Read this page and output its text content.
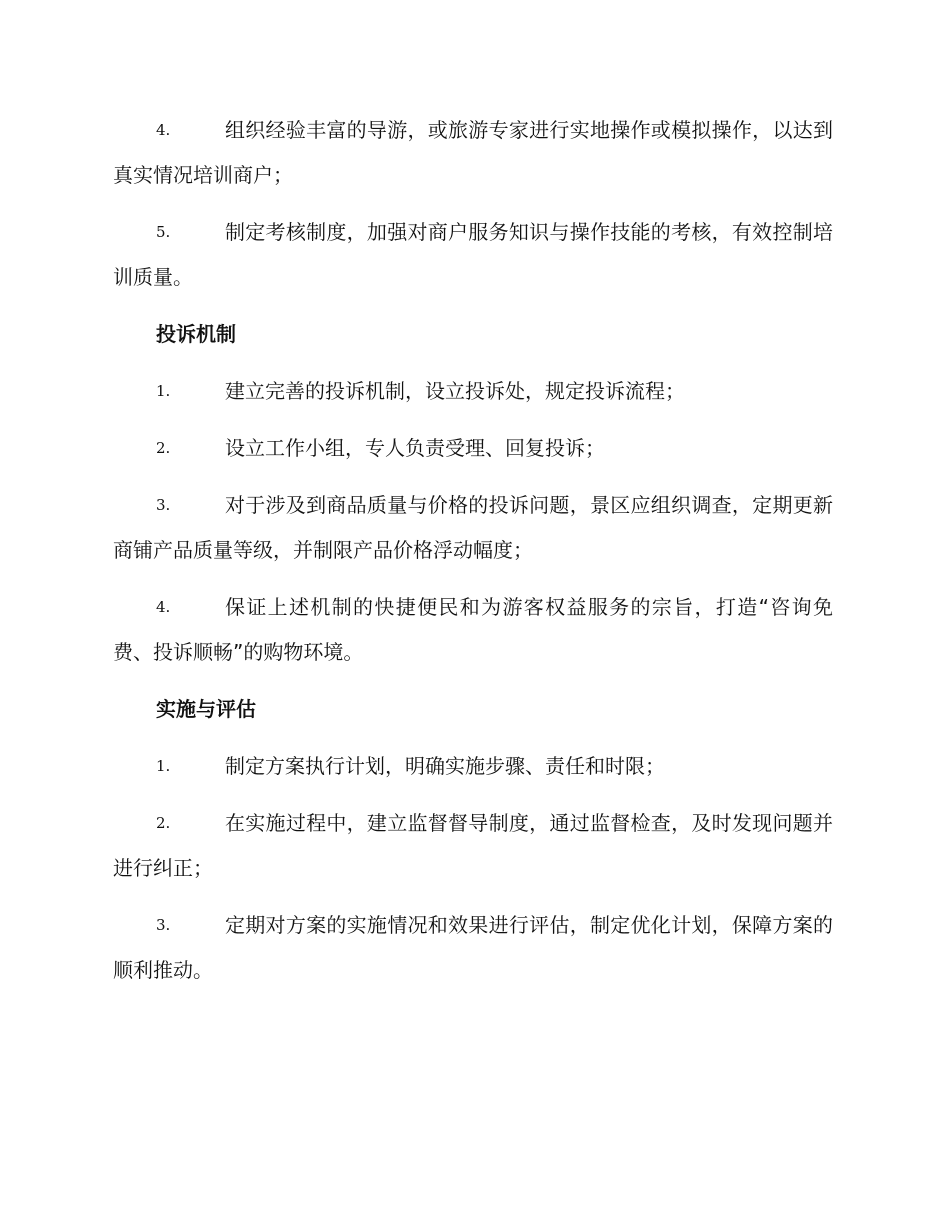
4.	组织经验丰富的导游，或旅游专家进行实地操作或模拟操作，以达到真实情况培训商户；
5.	制定考核制度，加强对商户服务知识与操作技能的考核，有效控制培训质量。
投诉机制
1.	建立完善的投诉机制，设立投诉处，规定投诉流程；
2.	设立工作小组，专人负责受理、回复投诉；
3.	对于涉及到商品质量与价格的投诉问题，景区应组织调查，定期更新商铺产品质量等级，并制限产品价格浮动幅度；
4.	保证上述机制的快捷便民和为游客权益服务的宗旨，打造“咨询免费、投诉顺畅”的购物环境。
实施与评估
1.	制定方案执行计划，明确实施步骤、责任和时限；
2.	在实施过程中，建立监督督导制度，通过监督检查，及时发现问题并进行纠正；
3.	定期对方案的实施情况和效果进行评估，制定优化计划，保障方案的顺利推动。
